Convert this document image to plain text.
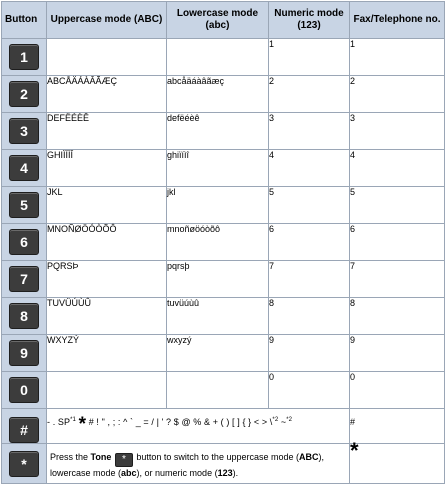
Button	Uppercase mode (ABC)	Lowercase mode (abc)	Numeric mode (123)	Fax/Telephone no.
1			1	1
2	ABCÅÄÁÀÂÃÆÇ	abcåäáàâãæç	2	2
3	DEFËÉÈÊ	defëéèê	3	3
4	GHIÏÍÌÎ	ghiïíìî	4	4
5	JKL	jkl	5	5
6	MNOÑØÖÓÒÕÔ	mnoñøöóòõô	6	6
7	PQRSÞ	pqrsþ	7	7
8	TUVÜÚÙÛ	tuvüúùû	8	8
9	WXYZÝ	wxyzý	9	9
0			0	0
#	- . SP$^{*1}$ * # ! " , ; : ^ ` _ = / | ' ? $ @ % & + ( ) [ ] { } < > \$^{*2}$ ~$^{*2}$			#
*	Press the Tone * button to switch to the uppercase mode (ABC), lowercase mode (abc), or numeric mode (123).			*
